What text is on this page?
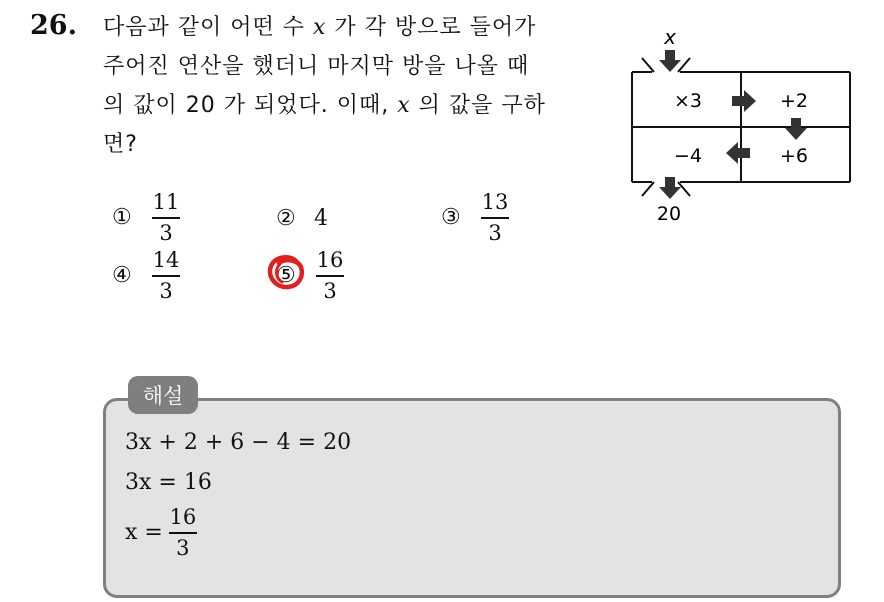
26. 다음과 같이 어떤 수 x 가 각 방으로 들어가
주어진 연산을 했더니 마지막 방을 나올 때
의 값이 20 가 되었다. 이때, x 의 값을 구하
면?
① $\frac{11}{3}$	② 4	③ $\frac{13}{3}$
④ $\frac{14}{3}$	⑤ $\frac{16}{3}$
x
×3	+2
+6
−4
20
해설
3x + 2 + 6 − 4 = 20
3x = 16
$x = \frac{16}{3}$
